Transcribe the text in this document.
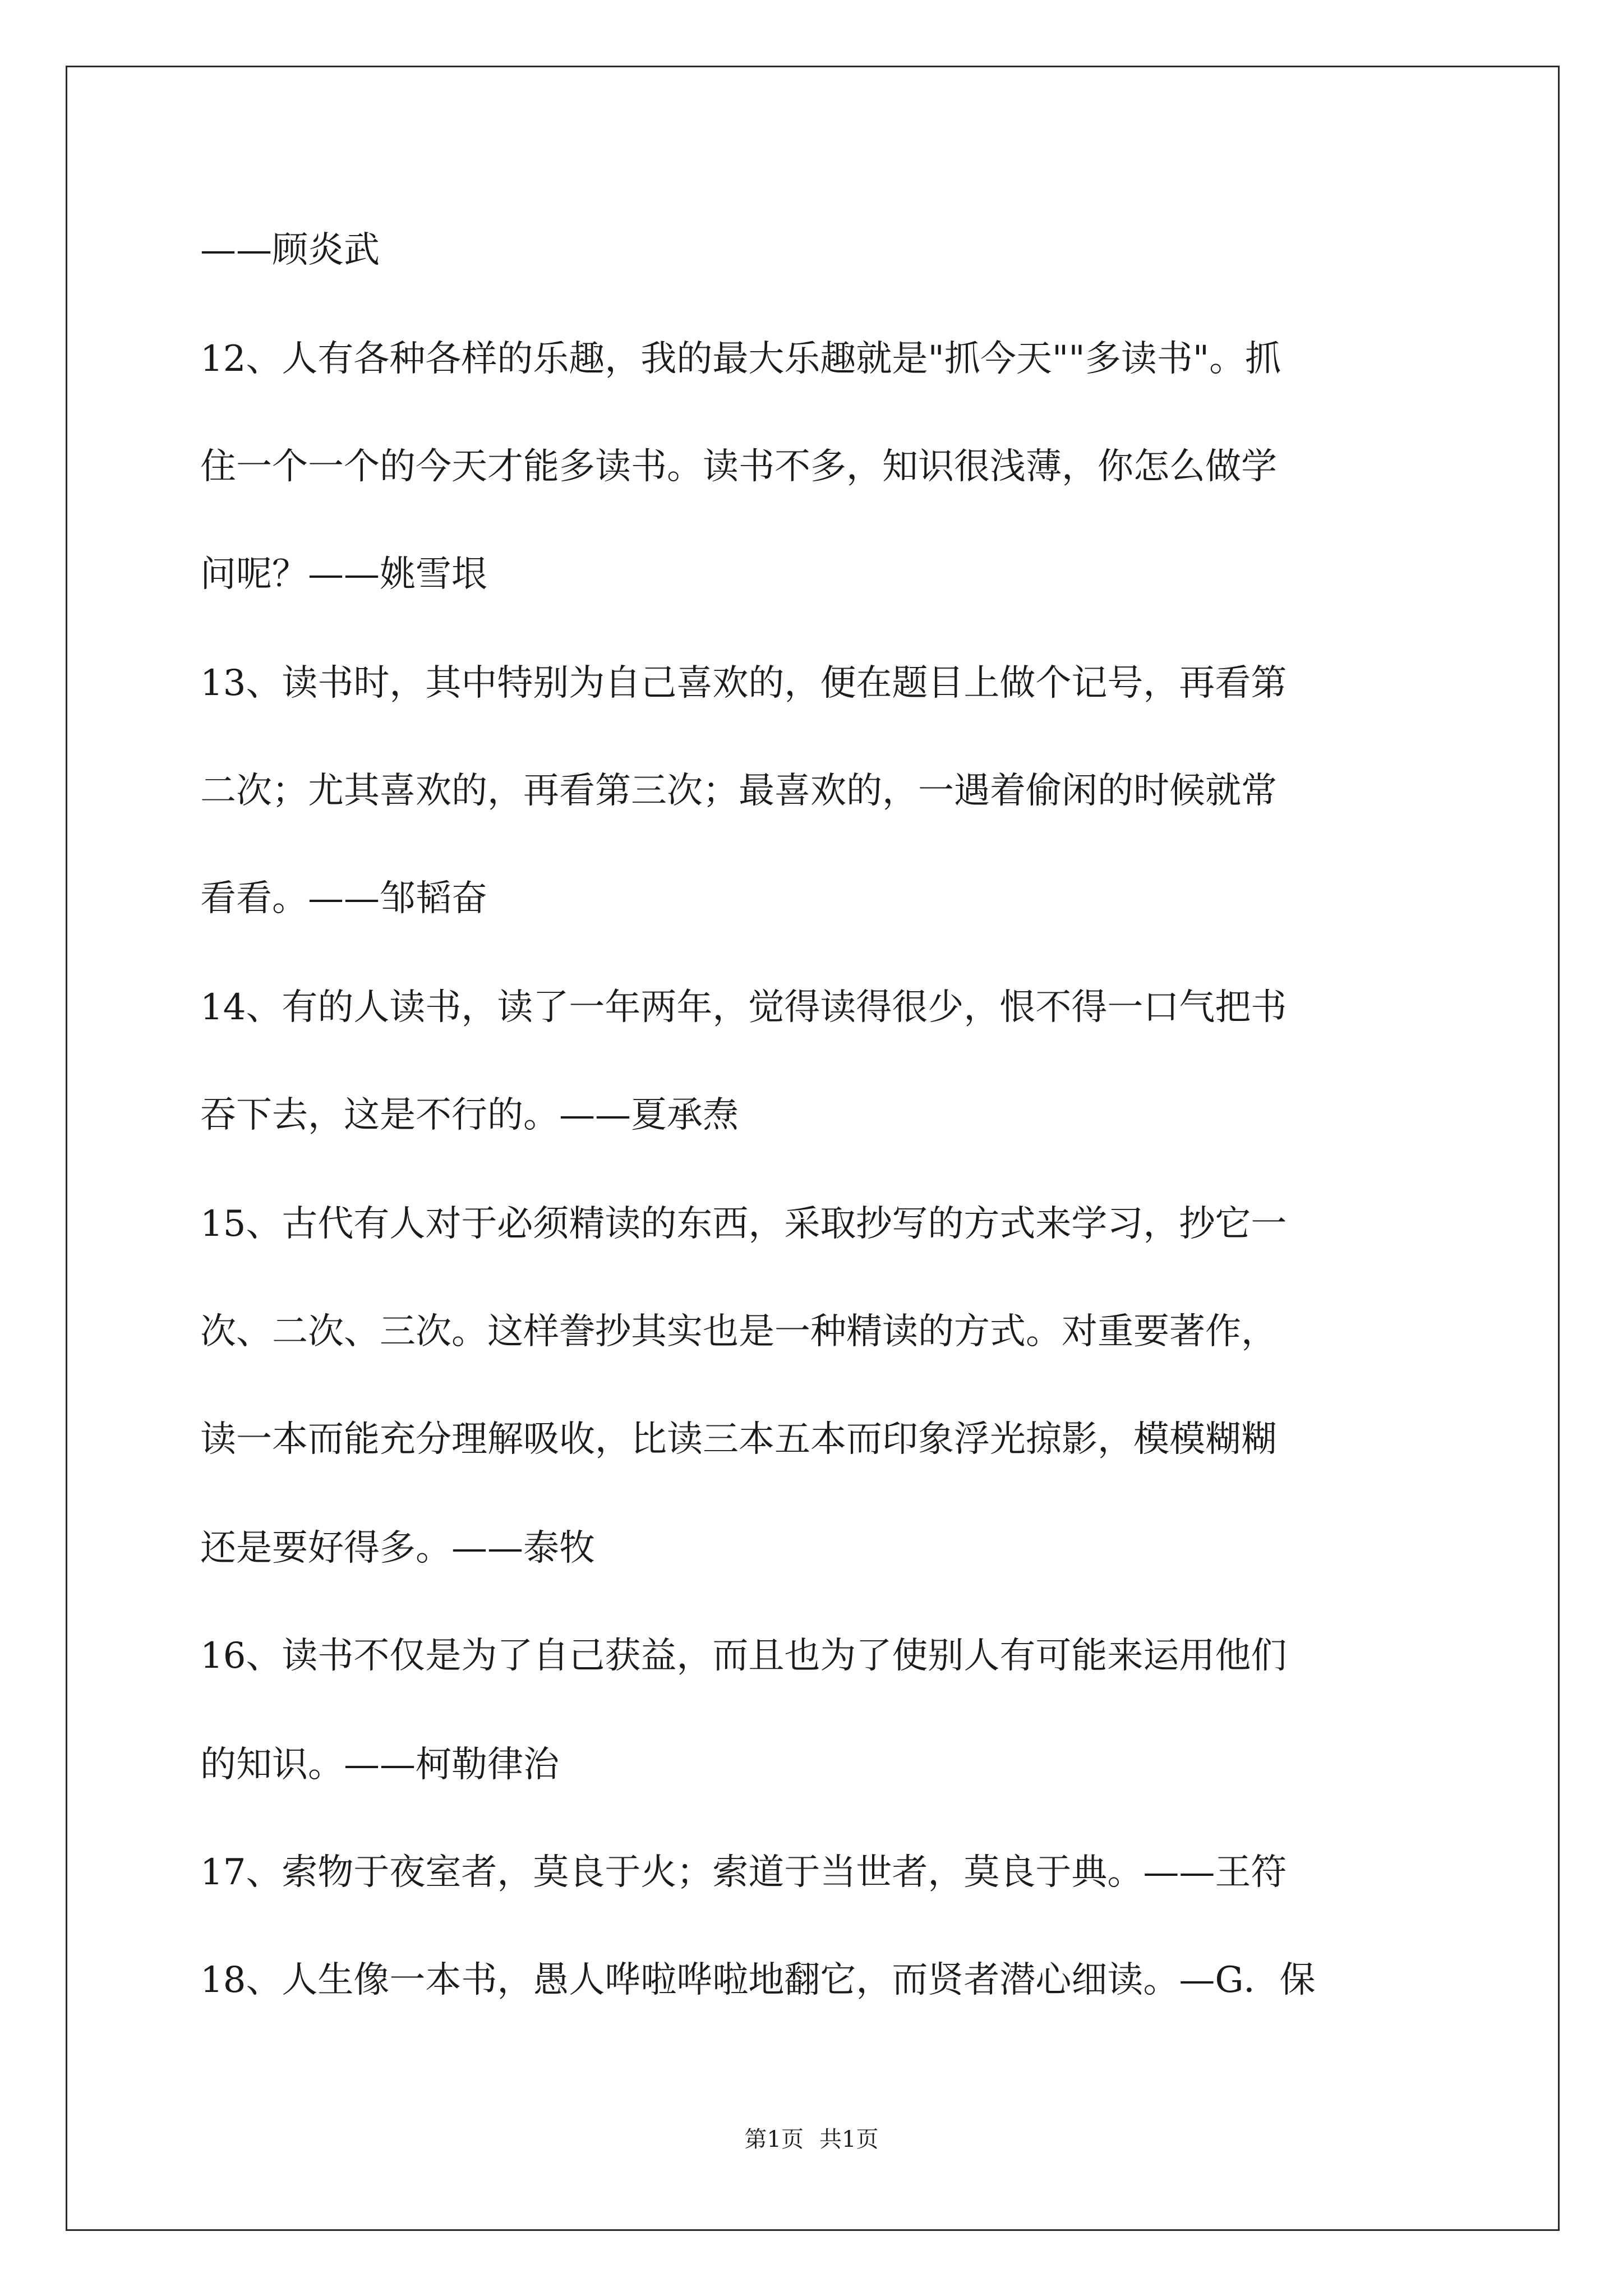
——顾炎武
12、人有各种各样的乐趣，我的最大乐趣就是"抓今天""多读书"。抓
住一个一个的今天才能多读书。读书不多，知识很浅薄，你怎么做学
问呢？——姚雪垠
13、读书时，其中特别为自己喜欢的，便在题目上做个记号，再看第
二次；尤其喜欢的，再看第三次；最喜欢的，一遇着偷闲的时候就常
看看。——邹韬奋
14、有的人读书，读了一年两年，觉得读得很少，恨不得一口气把书
吞下去，这是不行的。——夏承焘
15、古代有人对于必须精读的东西，采取抄写的方式来学习，抄它一
次、二次、三次。这样誊抄其实也是一种精读的方式。对重要著作，
读一本而能充分理解吸收，比读三本五本而印象浮光掠影，模模糊糊
还是要好得多。——泰牧
16、读书不仅是为了自己获益，而且也为了使别人有可能来运用他们
的知识。——柯勒律治
17、索物于夜室者，莫良于火；索道于当世者，莫良于典。——王符
18、人生像一本书，愚人哗啦哗啦地翻它，而贤者潜心细读。—G．保
第1页 共1页
